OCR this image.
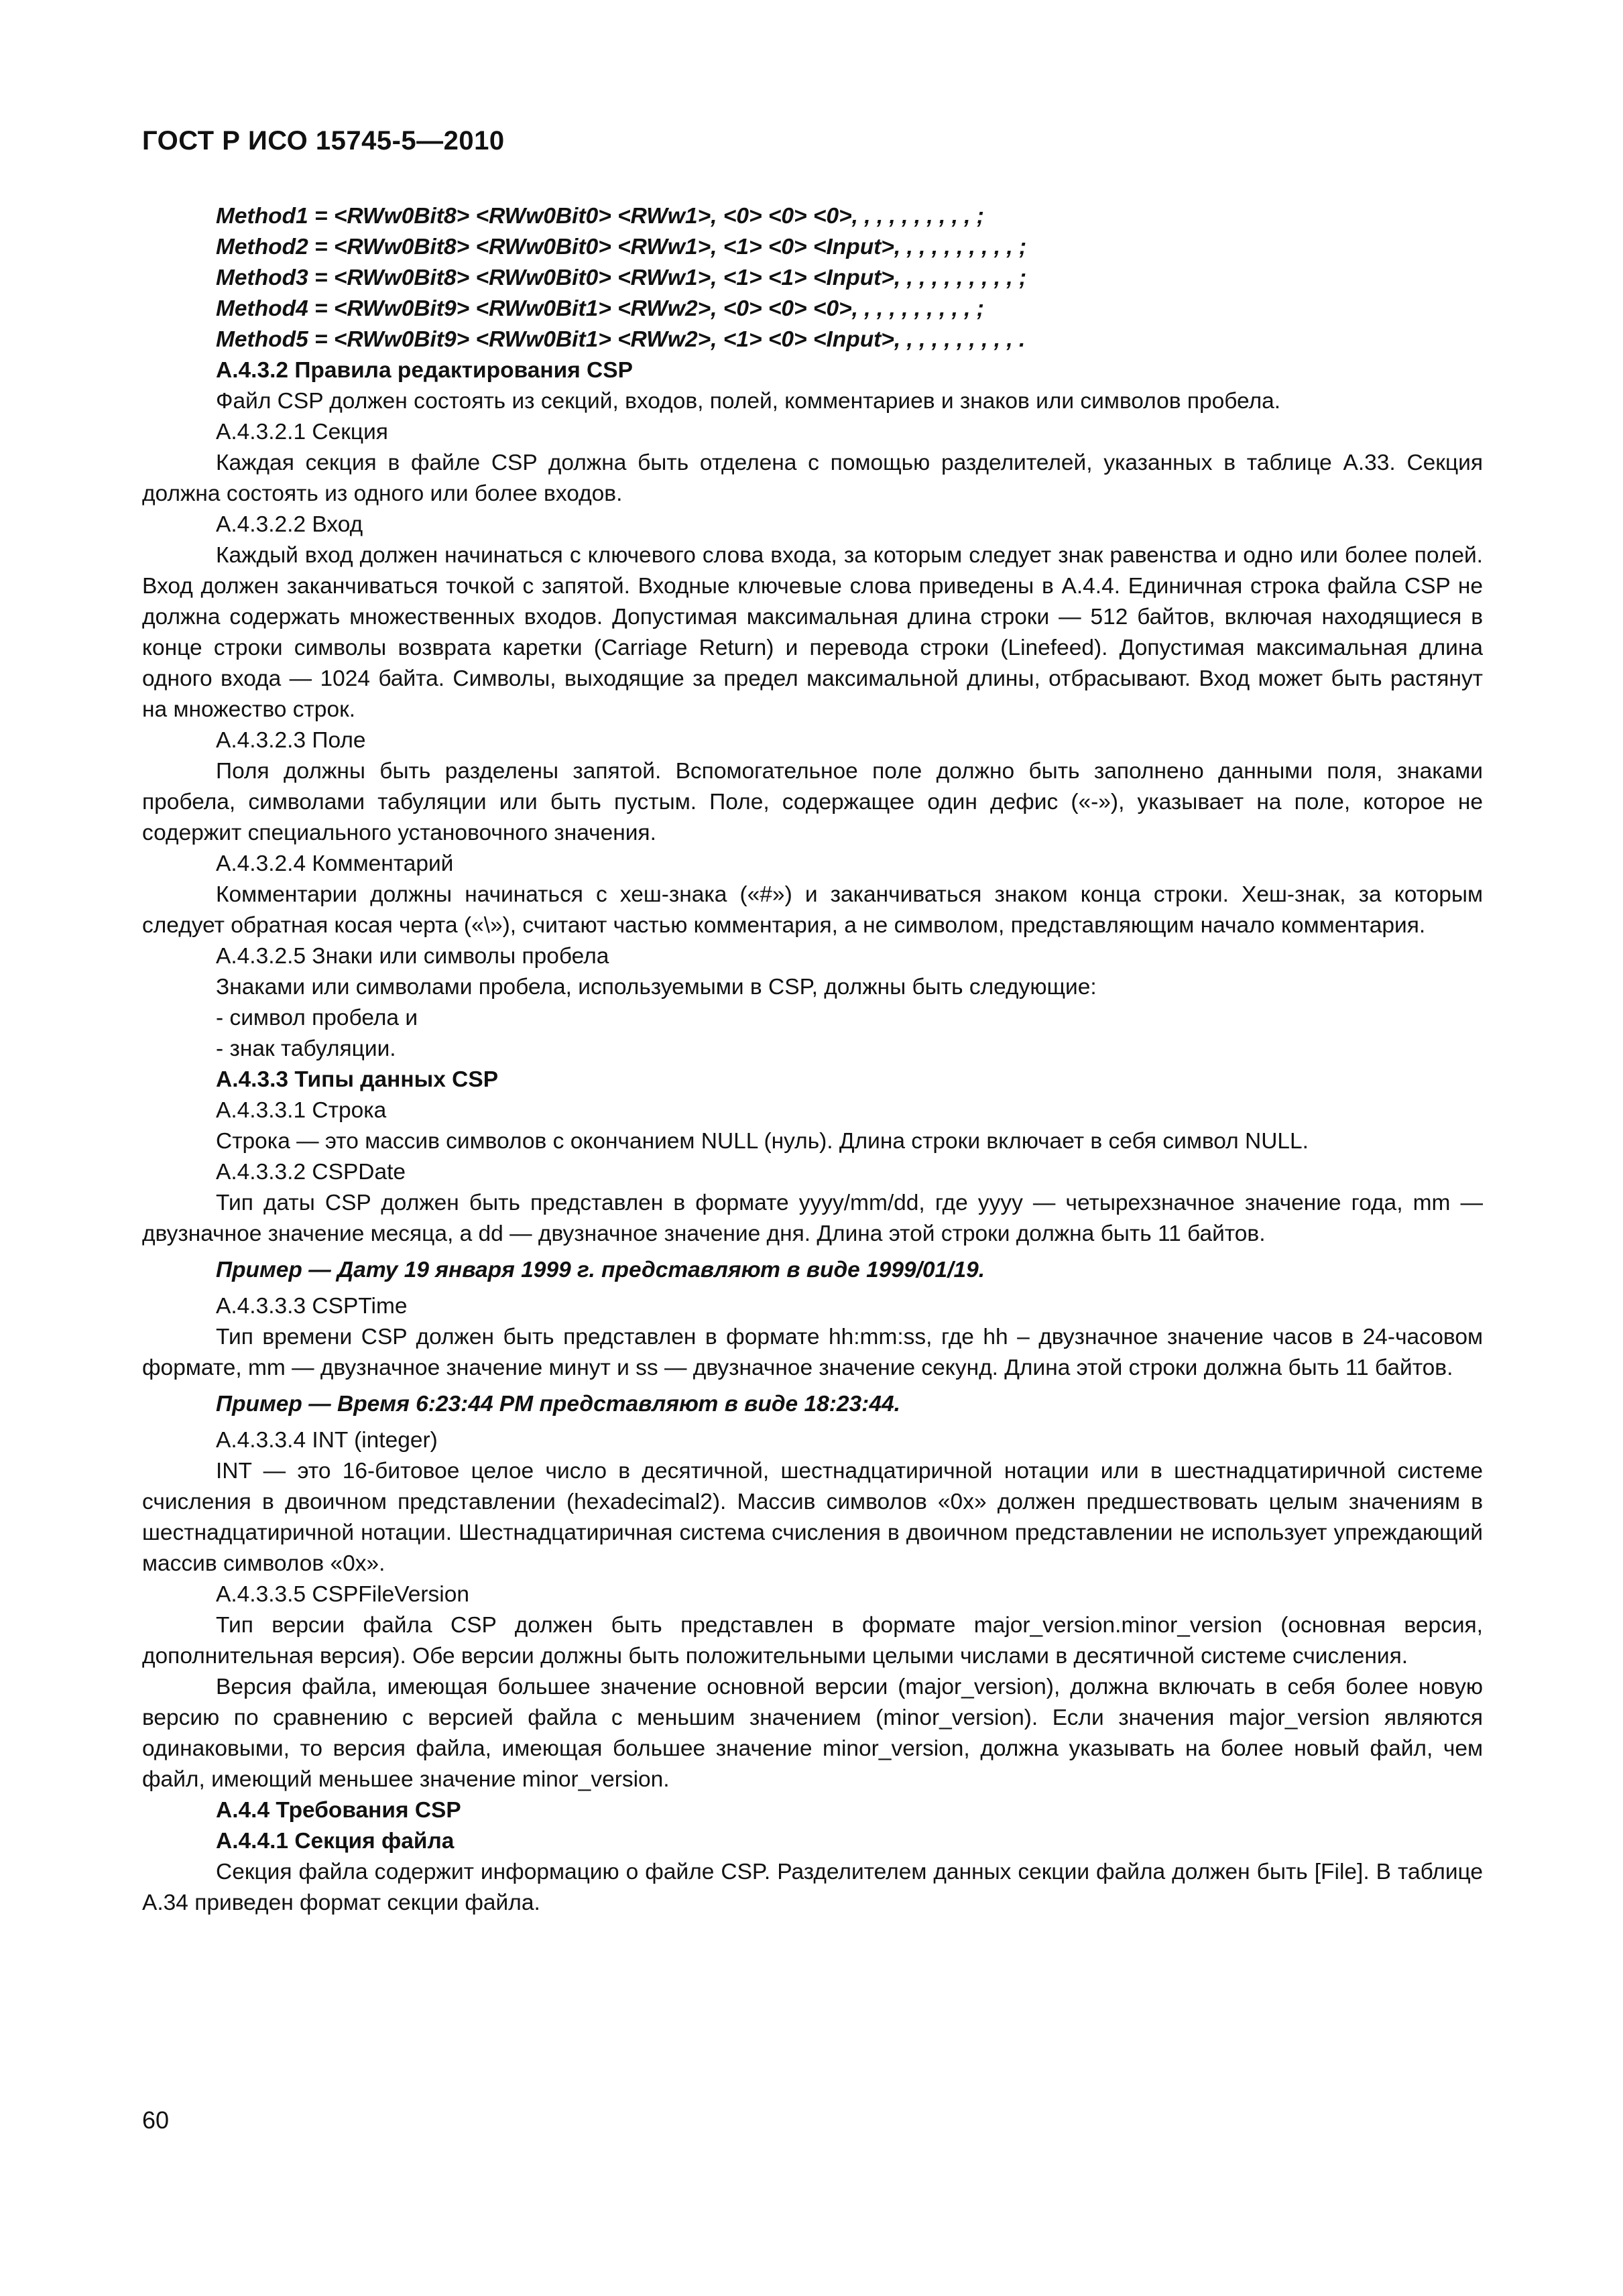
ГОСТ Р ИСО 15745-5—2010

Method1 = <RWw0Bit8> <RWw0Bit0> <RWw1>, <0> <0> <0>, , , , , , , , , , ;

Method2 = <RWw0Bit8> <RWw0Bit0> <RWw1>, <1> <0> <Input>, , , , , , , , , , ;

Method3 = <RWw0Bit8> <RWw0Bit0> <RWw1>, <1> <1> <Input>, , , , , , , , , , ;

Method4 = <RWw0Bit9> <RWw0Bit1> <RWw2>, <0> <0> <0>, , , , , , , , , , ;

Method5 = <RWw0Bit9> <RWw0Bit1> <RWw2>, <1> <0> <Input>, , , , , , , , , , .

А.4.3.2 Правила редактирования CSP

Файл CSP должен состоять из секций, входов, полей, комментариев и знаков или символов пробела.

А.4.3.2.1 Секция

Каждая секция в файле CSP должна быть отделена с помощью разделителей, указанных в таблице А.33. Секция должна состоять из одного или более входов.

А.4.3.2.2 Вход

Каждый вход должен начинаться с ключевого слова входа, за которым следует знак равенства и одно или более полей. Вход должен заканчиваться точкой с запятой. Входные ключевые слова приведены в А.4.4. Единичная строка файла CSP не должна содержать множественных входов. Допустимая максимальная длина строки — 512 байтов, включая находящиеся в конце строки символы возврата каретки (Carriage Return) и перевода строки (Linefeed). Допустимая максимальная длина одного входа — 1024 байта. Символы, выходящие за предел максимальной длины, отбрасывают. Вход может быть растянут на множество строк.

А.4.3.2.3 Поле

Поля должны быть разделены запятой. Вспомогательное поле должно быть заполнено данными поля, знаками пробела, символами табуляции или быть пустым. Поле, содержащее один дефис («-»), указывает на поле, которое не содержит специального установочного значения.

А.4.3.2.4 Комментарий

Комментарии должны начинаться с хеш-знака («#») и заканчиваться знаком конца строки. Хеш-знак, за которым следует обратная косая черта («\»), считают частью комментария, а не символом, представляющим начало комментария.

А.4.3.2.5 Знаки или символы пробела

Знаками или символами пробела, используемыми в CSP, должны быть следующие:

- символ пробела и

- знак табуляции.

А.4.3.3 Типы данных CSP

А.4.3.3.1 Строка

Строка — это массив символов с окончанием NULL (нуль). Длина строки включает в себя символ NULL.

А.4.3.3.2 CSPDate

Тип даты CSP должен быть представлен в формате yyyy/mm/dd, где yyyy — четырехзначное значение года, mm — двузначное значение месяца, а dd — двузначное значение дня. Длина этой строки должна быть 11 байтов.

Пример — Дату 19 января 1999 г. представляют в виде 1999/01/19.

А.4.3.3.3 CSPTime

Тип времени CSP должен быть представлен в формате hh:mm:ss, где hh – двузначное значение часов в 24-часовом формате, mm — двузначное значение минут и ss — двузначное значение секунд. Длина этой строки должна быть 11 байтов.

Пример — Время 6:23:44 PM представляют в виде 18:23:44.

А.4.3.3.4 INT (integer)

INT — это 16-битовое целое число в десятичной, шестнадцатиричной нотации или в шестнадцатиричной системе счисления в двоичном представлении (hexadecimal2). Массив символов «0x» должен предшествовать целым значениям в шестнадцатиричной нотации. Шестнадцатиричная система счисления в двоичном представлении не использует упреждающий массив символов «0x».

А.4.3.3.5 CSPFileVersion

Тип версии файла CSP должен быть представлен в формате major_version.minor_version (основная версия, дополнительная версия). Обе версии должны быть положительными целыми числами в десятичной системе счисления.

Версия файла, имеющая большее значение основной версии (major_version), должна включать в себя более новую версию по сравнению с версией файла с меньшим значением (minor_version). Если значения major_version являются одинаковыми, то версия файла, имеющая большее значение minor_version, должна указывать на более новый файл, чем файл, имеющий меньшее значение minor_version.

А.4.4 Требования CSP

А.4.4.1 Секция файла

Секция файла содержит информацию о файле CSP. Разделителем данных секции файла должен быть [File]. В таблице А.34 приведен формат секции файла.

60
